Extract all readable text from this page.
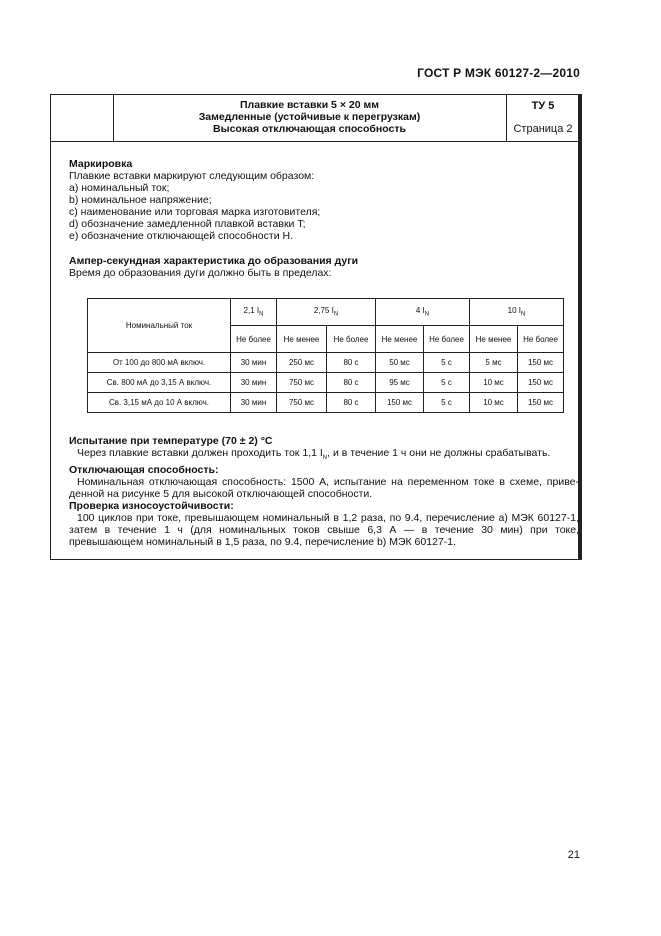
ГОСТ Р МЭК 60127-2—2010
Плавкие вставки 5 × 20 мм
Замедленные (устойчивые к перегрузкам)
Высокая отключающая способность
ТУ 5
Страница 2
Маркировка
Плавкие вставки маркируют следующим образом:
a) номинальный ток;
b) номинальное напряжение;
c) наименование или торговая марка изготовителя;
d) обозначение замедленной плавкой вставки T;
e) обозначение отключающей способности H.
Ампер-секундная характеристика до образования дуги
Время до образования дуги должно быть в пределах:
Номинальный ток	2,1 $I_N$	2,75 $I_N$		4 $I_N$		10 $I_N$
	Не более	Не менее	Не более	Не менее	Не более	Не менее	Не более
От 100 до 800 мА включ.	30 мин	250 мс	80 с	50 мс	5 с	5 мс	150 мс
Св. 800 мА до 3,15 А включ.	30 мин	750 мс	80 с	95 мс	5 с	10 мс	150 мс
Св. 3,15 мА до 10 А включ.	30 мин	750 мс	80 с	150 мс	5 с	10 мс	150 мс
Испытание при температуре (70 ± 2) °C
Через плавкие вставки должен проходить ток 1,1 $I_N$, и в течение 1 ч они не должны срабатывать.
Отключающая способность:
Номинальная отключающая способность: 1500 А, испытание на переменном токе в схеме, приве- денной на рисунке 5 для высокой отключающей способности.
Проверка износоустойчивости:
100 циклов при токе, превышающем номинальный в 1,2 раза, по 9.4, перечисление а) МЭК 60127-1, затем в течение 1 ч (для номинальных токов свыше 6,3 А — в течение 30 мин) при токе, превышающем номинальный в 1,5 раза, по 9.4, перечисление b) МЭК 60127-1.
21
